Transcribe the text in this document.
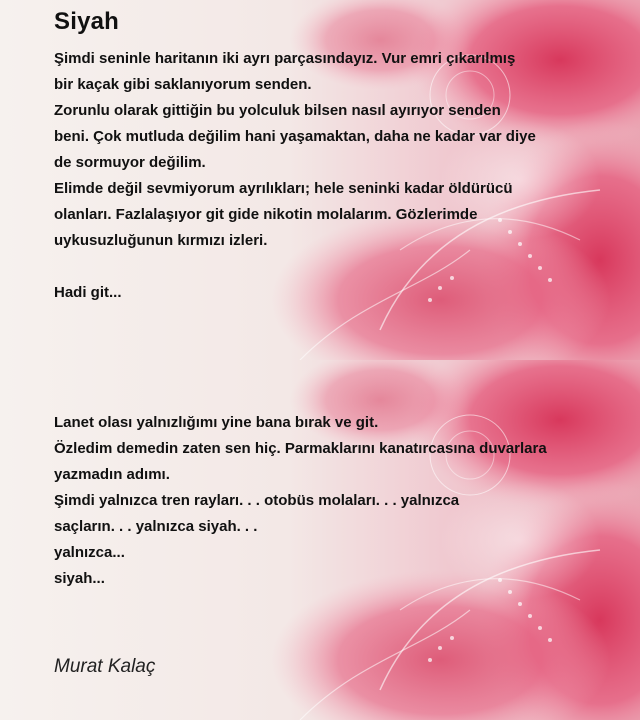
Siyah
Şimdi seninle haritanın iki ayrı parçasındayız. Vur emri çıkarılmış
bir kaçak gibi saklanıyorum senden.
Zorunlu olarak gittiğin bu yolculuk bilsen nasıl ayırıyor senden
beni. Çok mutluda değilim hani yaşamaktan, daha ne kadar var diye
de sormuyor değilim.
Elimde değil sevmiyorum ayrılıkları; hele seninki kadar öldürücü
olanları. Fazlalaşıyor git gide nikotin molalarım. Gözlerimde
uykusuzluğunun kırmızı izleri.
Hadi git...
Lanet olası yalnızlığımı yine bana bırak ve git.
Özledim demedin zaten sen hiç. Parmaklarını kanatırcasına duvarlara
yazmadın adımı.
Şimdi yalnızca tren rayları. . . otobüs molaları. . . yalnızca
saçların. . . yalnızca siyah. . .
yalnızca...
siyah...
Murat Kalaç
